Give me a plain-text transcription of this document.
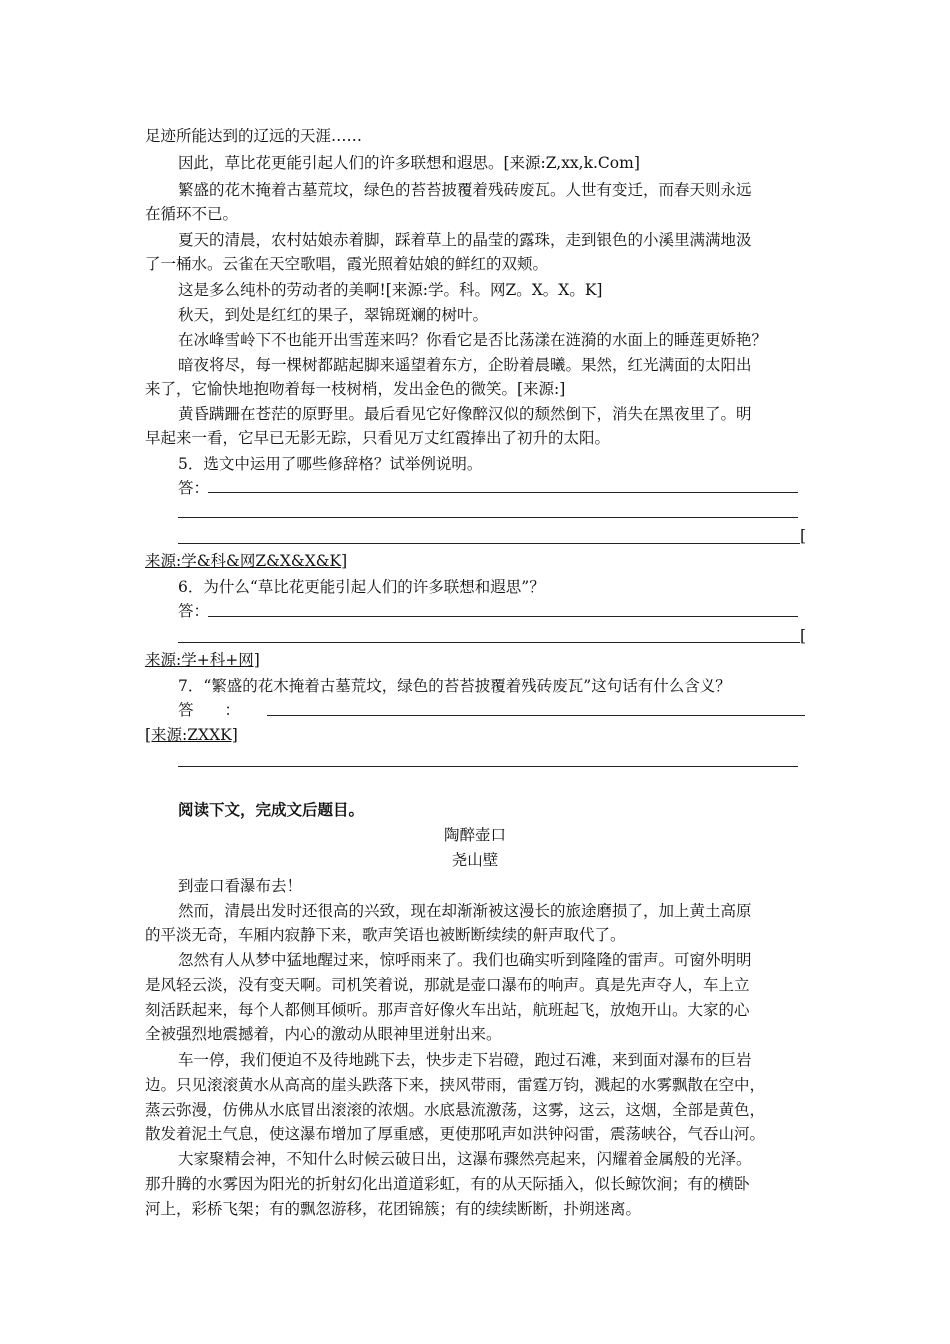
足迹所能达到的辽远的天涯……
因此，草比花更能引起人们的许多联想和遐思。[来源:Z,xx,k.Com]
繁盛的花木掩着古墓荒坟，绿色的苔苔披覆着残砖废瓦。人世有变迁，而春天则永远
在循环不已。
夏天的清晨，农村姑娘赤着脚，踩着草上的晶莹的露珠，走到银色的小溪里满满地汲
了一桶水。云雀在天空歌唱，霞光照着姑娘的鲜红的双颊。
这是多么纯朴的劳动者的美啊![来源:学。科。网Z。X。X。K]
秋天，到处是红红的果子，翠锦斑斓的树叶。
在冰峰雪岭下不也能开出雪莲来吗？你看它是否比荡漾在涟漪的水面上的睡莲更娇艳？
暗夜将尽，每一棵树都踮起脚来遥望着东方，企盼着晨曦。果然，红光满面的太阳出
来了，它愉快地抱吻着每一枝树梢，发出金色的微笑。[来源:]
黄昏蹒跚在苍茫的原野里。最后看见它好像醉汉似的颓然倒下，消失在黑夜里了。明
早起来一看，它早已无影无踪，只看见万丈红霞捧出了初升的太阳。
5．选文中运用了哪些修辞格？试举例说明。
答：
[
来源:学&科&网Z&X&X&K]
6．为什么“草比花更能引起人们的许多联想和遐思”？
答：
[
来源:学+科+网]
7．“繁盛的花木掩着古墓荒坟，绿色的苔苔披覆着残砖废瓦”这句话有什么含义？
答　　：
[来源:ZXXK]
阅读下文，完成文后题目。
陶醉壶口
尧山壁
到壶口看瀑布去！
然而，清晨出发时还很高的兴致，现在却渐渐被这漫长的旅途磨损了，加上黄土高原
的平淡无奇，车厢内寂静下来，歌声笑语也被断断续续的鼾声取代了。
忽然有人从梦中猛地醒过来，惊呼雨来了。我们也确实听到隆隆的雷声。可窗外明明
是风轻云淡，没有变天啊。司机笑着说，那就是壶口瀑布的响声。真是先声夺人，车上立
刻活跃起来，每个人都侧耳倾听。那声音好像火车出站，航班起飞，放炮开山。大家的心
全被强烈地震撼着，内心的激动从眼神里迸射出来。
车一停，我们便迫不及待地跳下去，快步走下岩磴，跑过石滩，来到面对瀑布的巨岩
边。只见滚滚黄水从高高的崖头跌落下来，挟风带雨，雷霆万钧，溅起的水雾飘散在空中，
蒸云弥漫，仿佛从水底冒出滚滚的浓烟。水底悬流激荡，这雾，这云，这烟，全部是黄色，
散发着泥土气息，使这瀑布增加了厚重感，更使那吼声如洪钟闷雷，震荡峡谷，气吞山河。
大家聚精会神，不知什么时候云破日出，这瀑布骤然亮起来，闪耀着金属般的光泽。
那升腾的水雾因为阳光的折射幻化出道道彩虹，有的从天际插入，似长鲸饮涧；有的横卧
河上，彩桥飞架；有的飘忽游移，花团锦簇；有的续续断断，扑朔迷离。
